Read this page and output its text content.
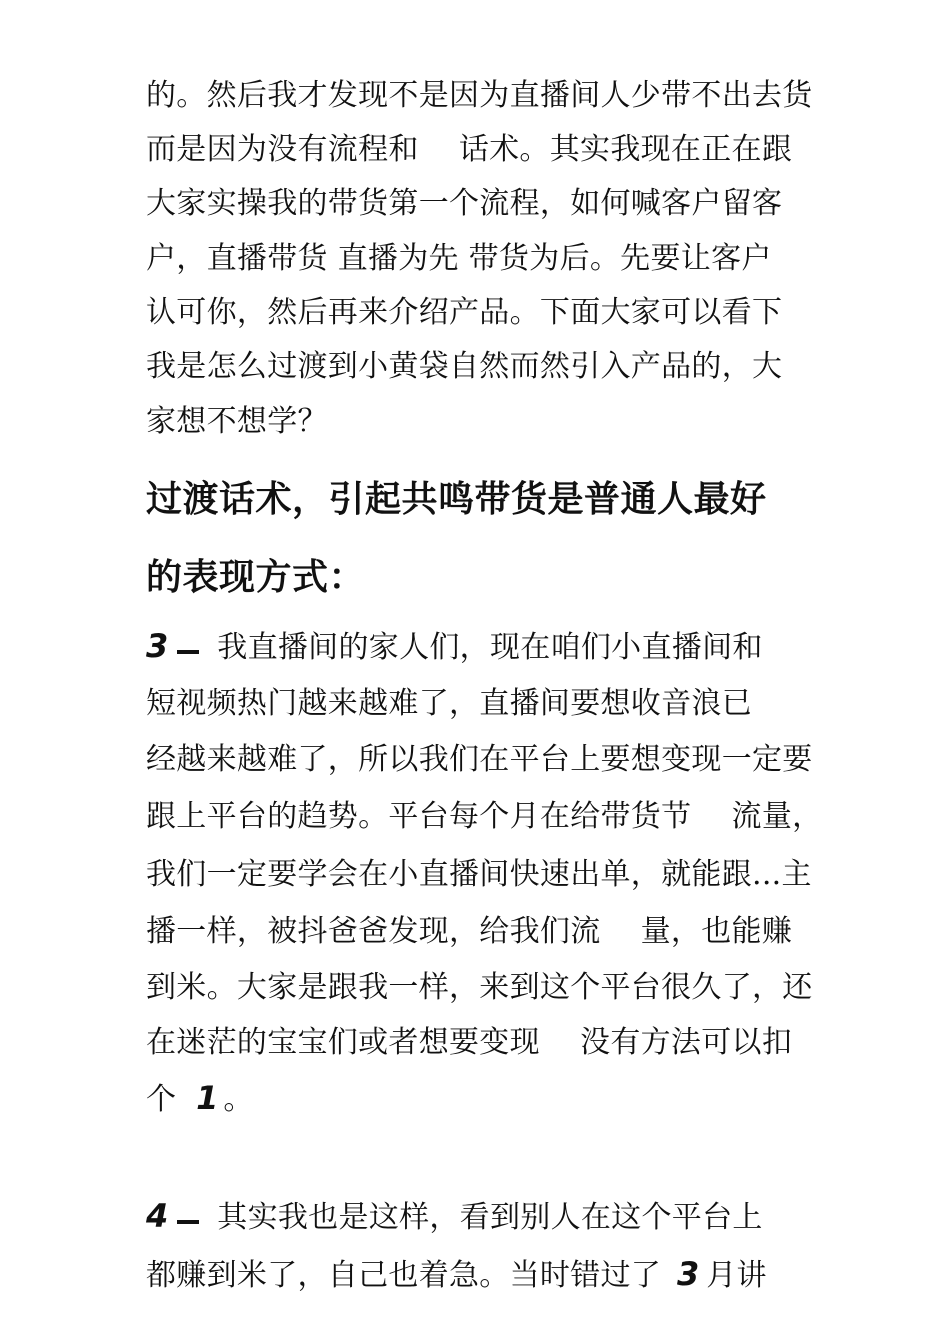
的。然后我才发现不是因为直播间人少带不出去货
而是因为没有流程和　 话术。其实我现在正在跟
大家实操我的带货第一个流程，如何喊客户留客
户，直播带货 直播为先 带货为后。先要让客户
认可你，然后再来介绍产品。下面大家可以看下
我是怎么过渡到小黄袋自然而然引入产品的，大
家想不想学？
过渡话术，引起共鸣带货是普通人最好
的表现方式：
3 我直播间的家人们，现在咱们小直播间和
短视频热门越来越难了，直播间要想收音浪已
经越来越难了，所以我们在平台上要想变现一定要
跟上平台的趋势。平台每个月在给带货节　 流量，
我们一定要学会在小直播间快速出单，就能跟...主
播一样，被抖爸爸发现，给我们流　 量，也能赚
到米。大家是跟我一样，来到这个平台很久了，还
在迷茫的宝宝们或者想要变现　 没有方法可以扣
个 1 。
4 其实我也是这样，看到别人在这个平台上
都赚到米了，自己也着急。当时错过了 3 月讲
